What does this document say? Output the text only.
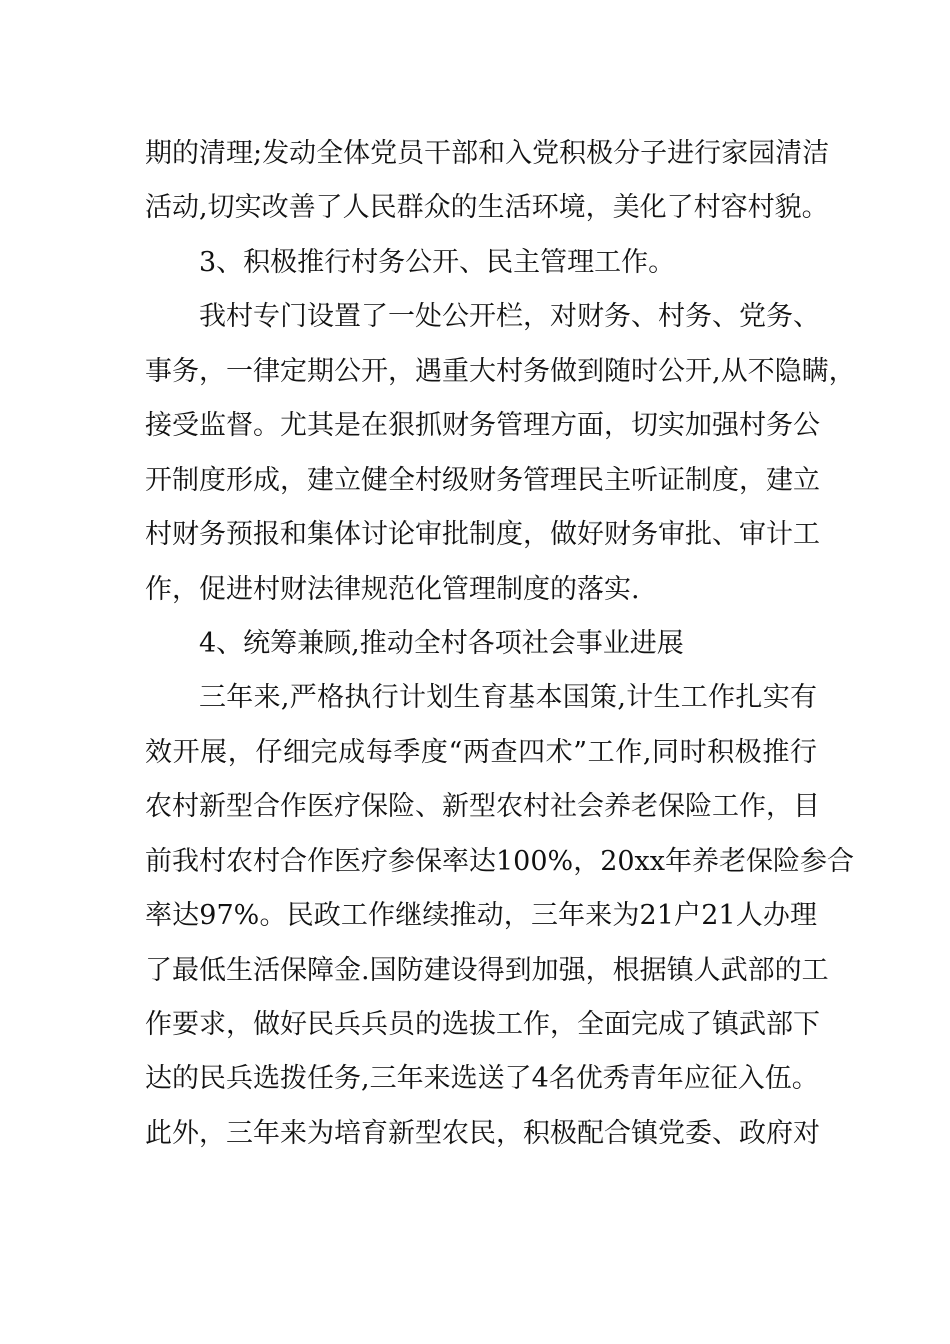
期的清理;发动全体党员干部和入党积极分子进行家园清洁
活动,切实改善了人民群众的生活环境，美化了村容村貌。
3、积极推行村务公开、民主管理工作。
我村专门设置了一处公开栏，对财务、村务、党务、
事务，一律定期公开，遇重大村务做到随时公开,从不隐瞒，
接受监督。尤其是在狠抓财务管理方面，切实加强村务公
开制度形成，建立健全村级财务管理民主听证制度，建立
村财务预报和集体讨论审批制度，做好财务审批、审计工
作，促进村财法律规范化管理制度的落实.
4、统筹兼顾,推动全村各项社会事业进展
三年来,严格执行计划生育基本国策,计生工作扎实有
效开展，仔细完成每季度“两查四术”工作,同时积极推行
农村新型合作医疗保险、新型农村社会养老保险工作，目
前我村农村合作医疗参保率达100%，20xx年养老保险参合
率达97%。民政工作继续推动，三年来为21户21人办理
了最低生活保障金.国防建设得到加强，根据镇人武部的工
作要求，做好民兵兵员的选拔工作，全面完成了镇武部下
达的民兵选拨任务,三年来选送了4名优秀青年应征入伍。
此外，三年来为培育新型农民，积极配合镇党委、政府对
